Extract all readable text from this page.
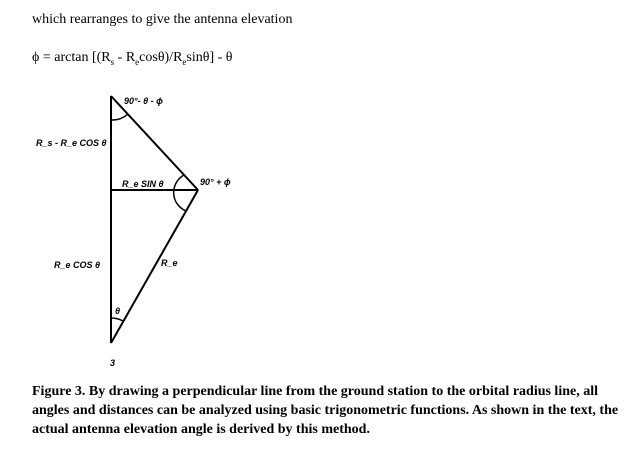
which rearranges to give the antenna elevation
$\phi = \arctan [(R_s - R_e\cos\theta)/R_e\sin\theta] - \theta$
90°- θ - ϕ
90° + ϕ
R_s - R_e COS θ
R_e COS θ
R_e SIN θ
R_e
θ
3
Figure 3. By drawing a perpendicular line from the ground station to the orbital radius line, all angles and distances can be analyzed using basic trigonometric functions. As shown in the text, the actual antenna elevation angle is derived by this method.
